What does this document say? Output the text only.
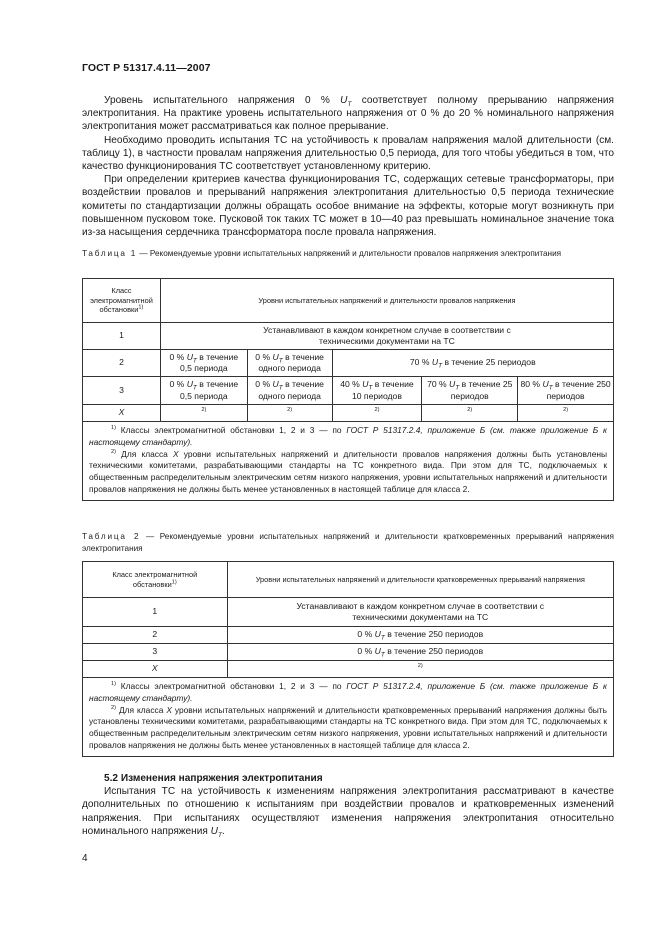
ГОСТ Р 51317.4.11—2007

Уровень испытательного напряжения 0 % $U_T$ соответствует полному прерыванию напряжения электропитания. На практике уровень испытательного напряжения от 0 % до 20 % номинального напряжения электропитания может рассматриваться как полное прерывание.

Необходимо проводить испытания ТС на устойчивость к провалам напряжения малой длительности (см. таблицу 1), в частности провалам напряжения длительностью 0,5 периода, для того чтобы убедиться в том, что качество функционирования ТС соответствует установленному критерию.

При определении критериев качества функционирования ТС, содержащих сетевые трансформаторы, при воздействии провалов и прерываний напряжения электропитания длительностью 0,5 периода технические комитеты по стандартизации должны обращать особое внимание на эффекты, которые могут возникнуть при повышенном пусковом токе. Пусковой ток таких ТС может в 10—40 раз превышать номинальное значение тока из-за насыщения сердечника трансформатора после провала напряжения.

Таблица 1 — Рекомендуемые уровни испытательных напряжений и длительности провалов напряжения электропитания
Класс электромагнитной обстановки$^{1)}$	Уровни испытательных напряжений и длительности провалов напряжения				
1	Устанавливают в каждом конкретном случае в соответствии с техническими документами на ТС				
2	0 % $U_T$ в течение 0,5 периода	0 % $U_T$ в течение одного периода	70 % $U_T$ в течение 25 периодов		
3	0 % $U_T$ в течение 0,5 периода	0 % $U_T$ в течение одного периода	40 % $U_T$ в течение 10 периодов	70 % $U_T$ в течение 25 периодов	80 % $U_T$ в течение 250 периодов
X	$^{2)}$	$^{2)}$	$^{2)}$	$^{2)}$	$^{2)}$

$^{1)}$ Классы электромагнитной обстановки 1, 2 и 3 — по ГОСТ Р 51317.2.4, приложение Б (см. также приложение Б к настоящему стандарту).
$^{2)}$ Для класса X уровни испытательных напряжений и длительности провалов напряжения должны быть установлены техническими комитетами, разрабатывающими стандарты на ТС конкретного вида. При этом для ТС, подключаемых к общественным распределительным электрическим сетям низкого напряжения, уровни испытательных напряжений и длительности провалов напряжения не должны быть менее установленных в настоящей таблице для класса 2.					
Таблица 2 — Рекомендуемые уровни испытательных напряжений и длительности кратковременных прерываний напряжения электропитания
Класс электромагнитной обстановки$^{1)}$	Уровни испытательных напряжений и длительности кратковременных прерываний напряжения
1	Устанавливают в каждом конкретном случае в соответствии с техническими документами на ТС
2	0 % $U_T$ в течение 250 периодов
3	0 % $U_T$ в течение 250 периодов
X	$^{2)}$

$^{1)}$ Классы электромагнитной обстановки 1, 2 и 3 — по ГОСТ Р 51317.2.4, приложение Б (см. также приложение Б к настоящему стандарту).
$^{2)}$ Для класса X уровни испытательных напряжений и длительности кратковременных прерываний напряжения должны быть установлены техническими комитетами, разрабатывающими стандарты на ТС конкретного вида. При этом для ТС, подключаемых к общественным распределительным электрическим сетям низкого напряжения, уровни испытательных напряжений и длительности провалов напряжения не должны быть менее установленных в настоящей таблице для класса 2.	

5.2 Изменения напряжения электропитания

Испытания ТС на устойчивость к изменениям напряжения электропитания рассматривают в качестве дополнительных по отношению к испытаниям при воздействии провалов и кратковременных изменений напряжения. При испытаниях осуществляют изменения напряжения электропитания относительно номинального напряжения $U_T$.

4
